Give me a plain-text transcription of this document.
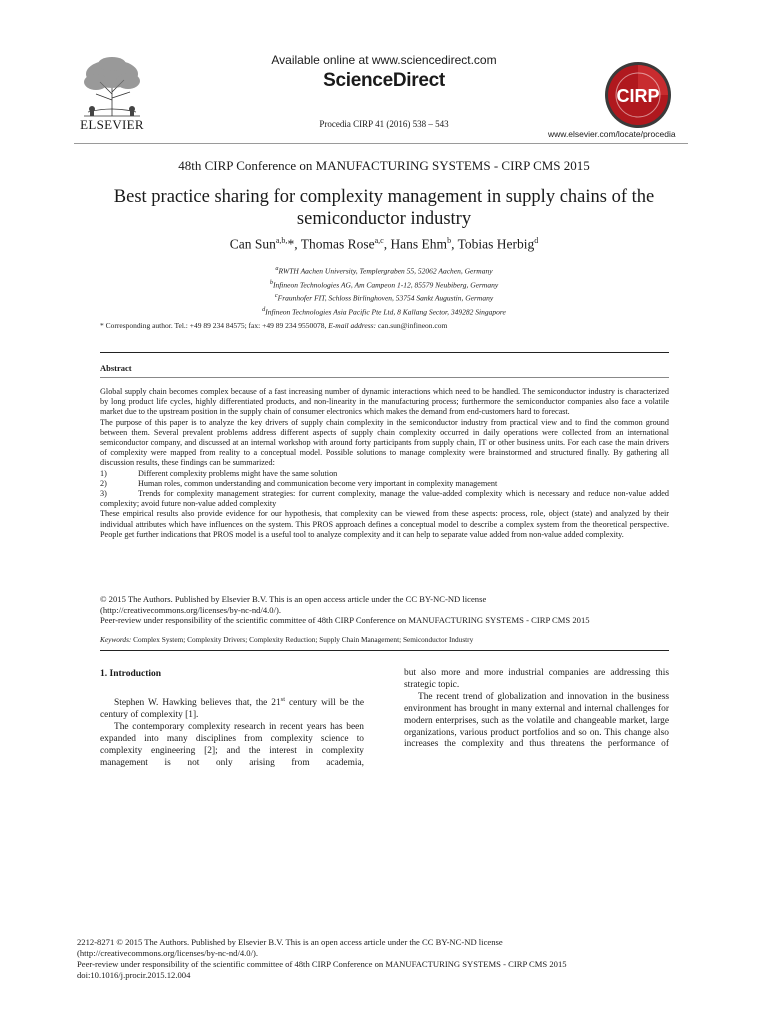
ELSEVIER
Available online at www.sciencedirect.com
ScienceDirect
Procedia CIRP 41 (2016) 538 – 543
CIRP
www.elsevier.com/locate/procedia
48th CIRP Conference on MANUFACTURING SYSTEMS - CIRP CMS 2015
Best practice sharing for complexity management in supply chains of the semiconductor industry
Can Sun$^{a,b,}$*, Thomas Rose$^{a,c}$, Hans Ehm$^b$, Tobias Herbig$^d$
$^a$RWTH Aachen University, Templergraben 55, 52062 Aachen, Germany
$^b$Infineon Technologies AG, Am Campeon 1-12, 85579 Neubiberg, Germany
$^c$Fraunhofer FIT, Schloss Birlinghoven, 53754 Sankt Augustin, Germany
$^d$Infineon Technologies Asia Pacific Pte Ltd, 8 Kallang Sector, 349282 Singapore
* Corresponding author. Tel.: +49 89 234 84575; fax: +49 89 234 9550078, E-mail address: can.sun@infineon.com
Abstract

Global supply chain becomes complex because of a fast increasing number of dynamic interactions which need to be handled. The semiconductor industry is characterized by long product life cycles, highly differentiated products, and non-linearity in the manufacturing process; furthermore the semiconductor companies also face a volatile market due to the upstream position in the supply chain of consumer electronics which makes the demand from end-customers hard to forecast.

The purpose of this paper is to analyze the key drivers of supply chain complexity in the semiconductor industry from practical view and to find the common ground between them. Several prevalent problems address different aspects of supply chain complexity occurred in daily operations were collected from an international semiconductor company, and discussed at an internal workshop with around forty participants from supply chain, IT or other business units. For each case the main drivers of complexity were mapped from reality to a conceptual model. Possible solutions to manage complexity were brainstormed and structured finally. By gathering all discussion results, these findings can be summarized:

1)	Different complexity problems might have the same solution
2)	Human roles, common understanding and communication become very important in complexity management
3)	Trends for complexity management strategies: for current complexity, manage the value-added complexity which is necessary and reduce non-value added complexity; avoid future non-value added complexity

These empirical results also provide evidence for our hypothesis, that complexity can be viewed from these aspects: process, role, object (state) and analyzed by their individual attributes which have influences on the system. This PROS approach defines a conceptual model to describe a complex system from the theoretical perspective. People get further indications that PROS model is a useful tool to analyze complexity and it can help to separate value added from non-value added complexity.

© 2015 The Authors. Published by Elsevier B.V. This is an open access article under the CC BY-NC-ND license

(http://creativecommons.org/licenses/by-nc-nd/4.0/).

Peer-review under responsibility of the scientific committee of 48th CIRP Conference on MANUFACTURING SYSTEMS - CIRP CMS 2015

Keywords: Complex System; Complexity Drivers; Complexity Reduction; Supply Chain Management; Semiconductor Industry
1. Introduction

Stephen W. Hawking believes that, the 21st century will be the century of complexity [1].

The contemporary complexity research in recent years has been expanded into many disciplines from complexity science to complexity engineering [2]; and the interest in complexity management is not only arising from academia,

but also more and more industrial companies are addressing this strategic topic.

The recent trend of globalization and innovation in the business environment has brought in many external and internal challenges for modern enterprises, such as the volatile and changeable market, large organizations, various product portfolios and so on. This change also increases the complexity and thus threatens the performance of

2212-8271 © 2015 The Authors. Published by Elsevier B.V. This is an open access article under the CC BY-NC-ND license

(http://creativecommons.org/licenses/by-nc-nd/4.0/).

Peer-review under responsibility of the scientific committee of 48th CIRP Conference on MANUFACTURING SYSTEMS - CIRP CMS 2015

doi:10.1016/j.procir.2015.12.004
